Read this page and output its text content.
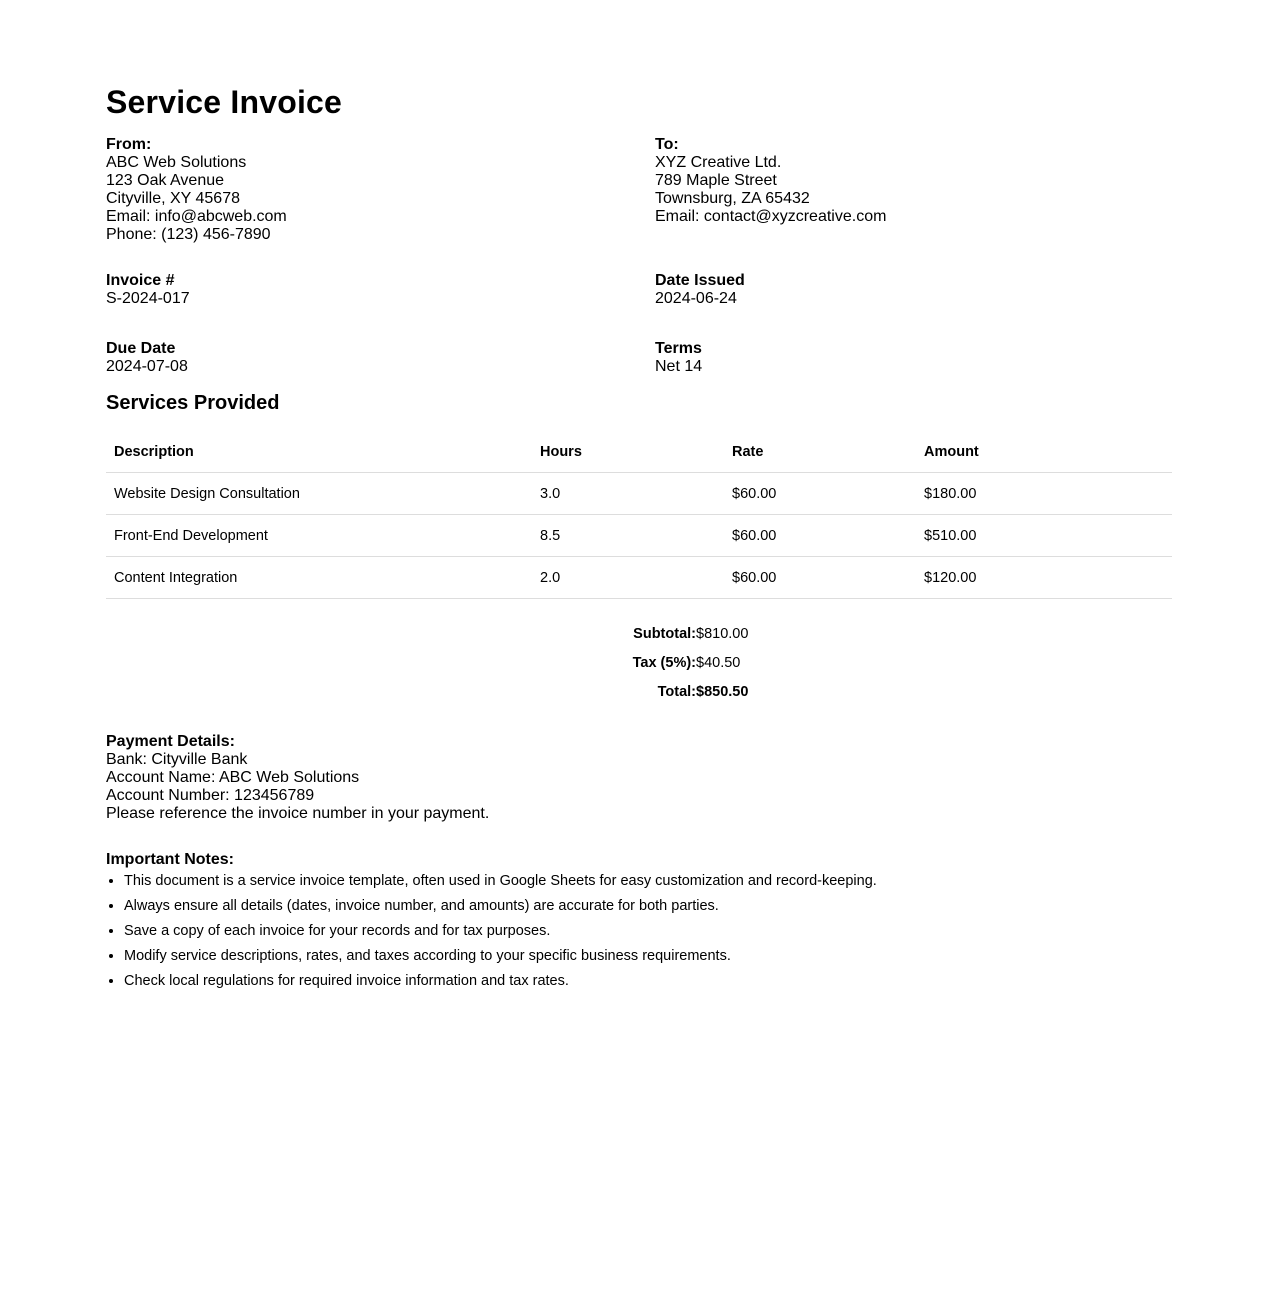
Service Invoice
From:
ABC Web Solutions
123 Oak Avenue
Cityville, XY 45678
Email: info@abcweb.com
Phone: (123) 456-7890
To:
XYZ Creative Ltd.
789 Maple Street
Townsburg, ZA 65432
Email: contact@xyzcreative.com
Invoice #
S-2024-017
Date Issued
2024-06-24
Due Date
2024-07-08
Terms
Net 14
Services Provided
Description	Hours	Rate	Amount
Website Design Consultation	3.0	$60.00	$180.00
Front-End Development	8.5	$60.00	$510.00
Content Integration	2.0	$60.00	$120.00
Subtotal: $810.00
Tax (5%): $40.50
Total: $850.50
Payment Details:
Bank: Cityville Bank
Account Name: ABC Web Solutions
Account Number: 123456789
Please reference the invoice number in your payment.
Important Notes:
• This document is a service invoice template, often used in Google Sheets for easy customization and record-keeping.
• Always ensure all details (dates, invoice number, and amounts) are accurate for both parties.
• Save a copy of each invoice for your records and for tax purposes.
• Modify service descriptions, rates, and taxes according to your specific business requirements.
• Check local regulations for required invoice information and tax rates.
